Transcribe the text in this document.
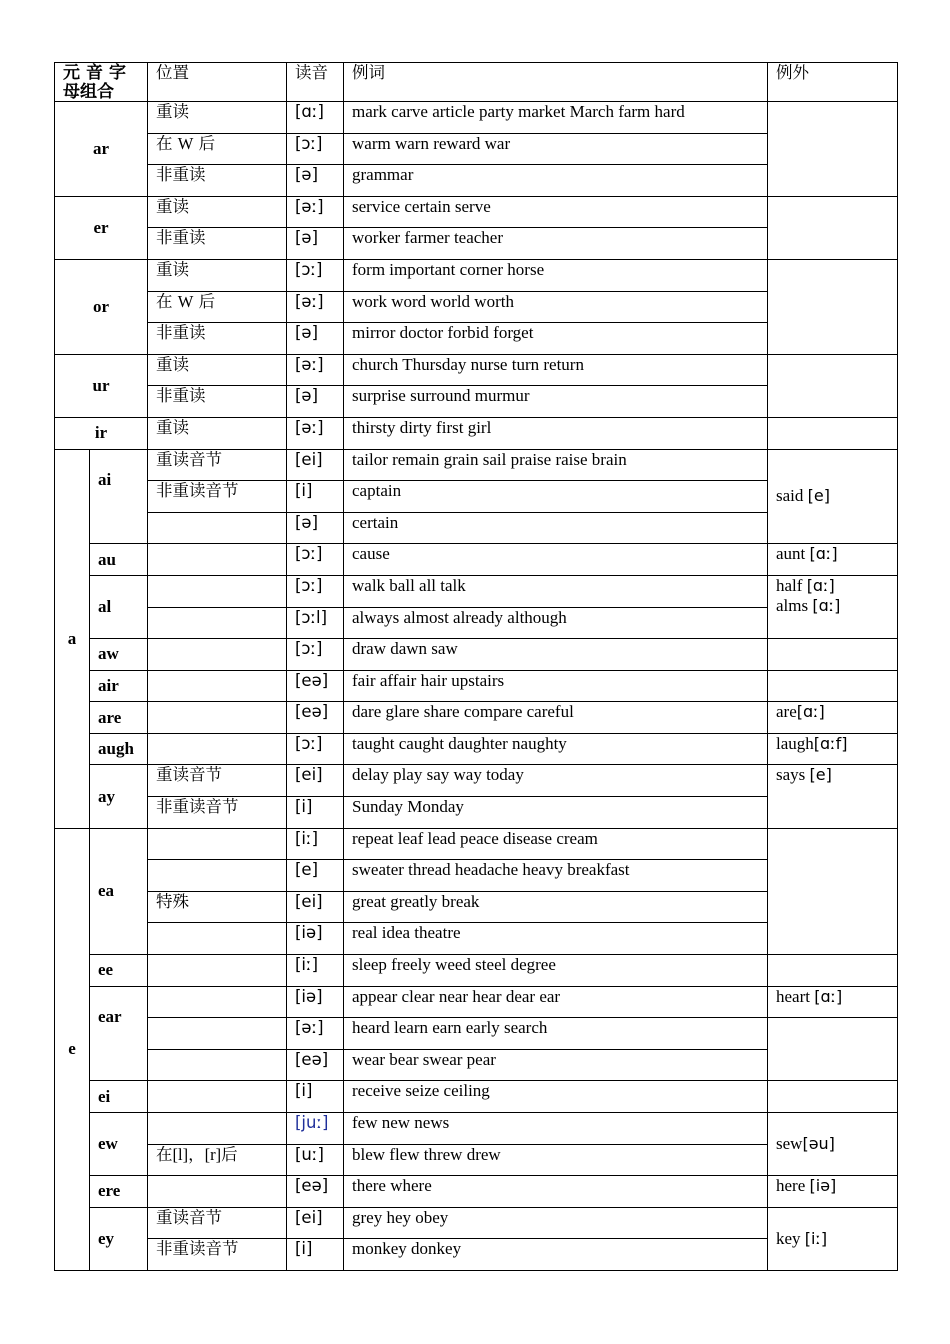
元音字
母组合		位置	读音	例词	例外
ar		重读	[ɑː]	mark carve article party market March farm hard	
		在 W 后	[ɔː]	warm warn reward war	
		非重读	[ə]	grammar	
er		重读	[əː]	service certain serve	
		非重读	[ə]	worker farmer teacher	
or		重读	[ɔː]	form important corner horse	
		在 W 后	[əː]	work word world worth	
		非重读	[ə]	mirror doctor forbid forget	
ur		重读	[əː]	church Thursday nurse turn return	
		非重读	[ə]	surprise surround murmur	
ir		重读	[əː]	thirsty dirty first girl	
a	ai	重读音节	[ei]	tailor remain grain sail praise raise brain	said [e]
		非重读音节	[i]	captain	
			[ə]	certain	
	au		[ɔː]	cause	aunt [ɑː]
	al		[ɔː]	walk ball all talk	half [ɑː]
alms [ɑː]
			[ɔːl]	always almost already although	
	aw		[ɔː]	draw dawn saw	
	air		[eə]	fair affair hair upstairs	
	are		[eə]	dare glare share compare careful	are[ɑː]
	augh		[ɔː]	taught caught daughter naughty	laugh[ɑːf]
	ay	重读音节	[ei]	delay play say way today	says [e]
		非重读音节	[i]	Sunday Monday	
e	ea		[iː]	repeat leaf lead peace disease cream	
			[e]	sweater thread headache heavy breakfast	
		特殊	[ei]	great greatly break	
			[iə]	real idea theatre	
	ee		[iː]	sleep freely weed steel degree	
	ear		[iə]	appear clear near hear dear ear	heart [ɑː]
			[əː]	heard learn earn early search	
			[eə]	wear bear swear pear	
	ei		[i]	receive seize ceiling	
	ew		[juː]	few new news	sew[əu]
		在[l]，[r]后	[uː]	blew flew threw drew	
	ere		[eə]	there where	here [iə]
	ey	重读音节	[ei]	grey hey obey	key [iː]
		非重读音节	[i]	monkey donkey	
